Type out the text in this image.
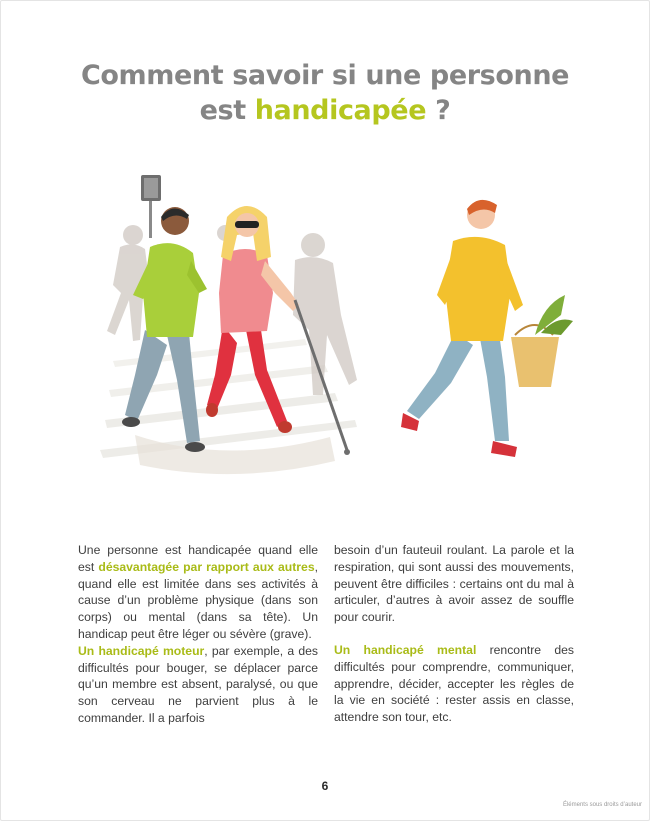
Comment savoir si une personne
est handicapée ?

Une personne est handicapée quand elle est désavantagée par rapport aux autres, quand elle est limitée dans ses activités à cause d’un problème physique (dans son corps) ou mental (dans sa tête). Un handicap peut être léger ou sévère (grave).

Un handicapé moteur, par exemple, a des difficultés pour bouger, se déplacer parce qu’un membre est absent, paralysé, ou que son cerveau ne parvient plus à le commander. Il a parfois

besoin d’un fauteuil roulant. La parole et la respiration, qui sont aussi des mouvements, peuvent être difficiles : certains ont du mal à articuler, d’autres à avoir assez de souffle pour courir.

Un handicapé mental rencontre des difficultés pour comprendre, communiquer, apprendre, décider, accepter les règles de la vie en société : rester assis en classe, attendre son tour, etc.

6
Éléments sous droits d’auteur
